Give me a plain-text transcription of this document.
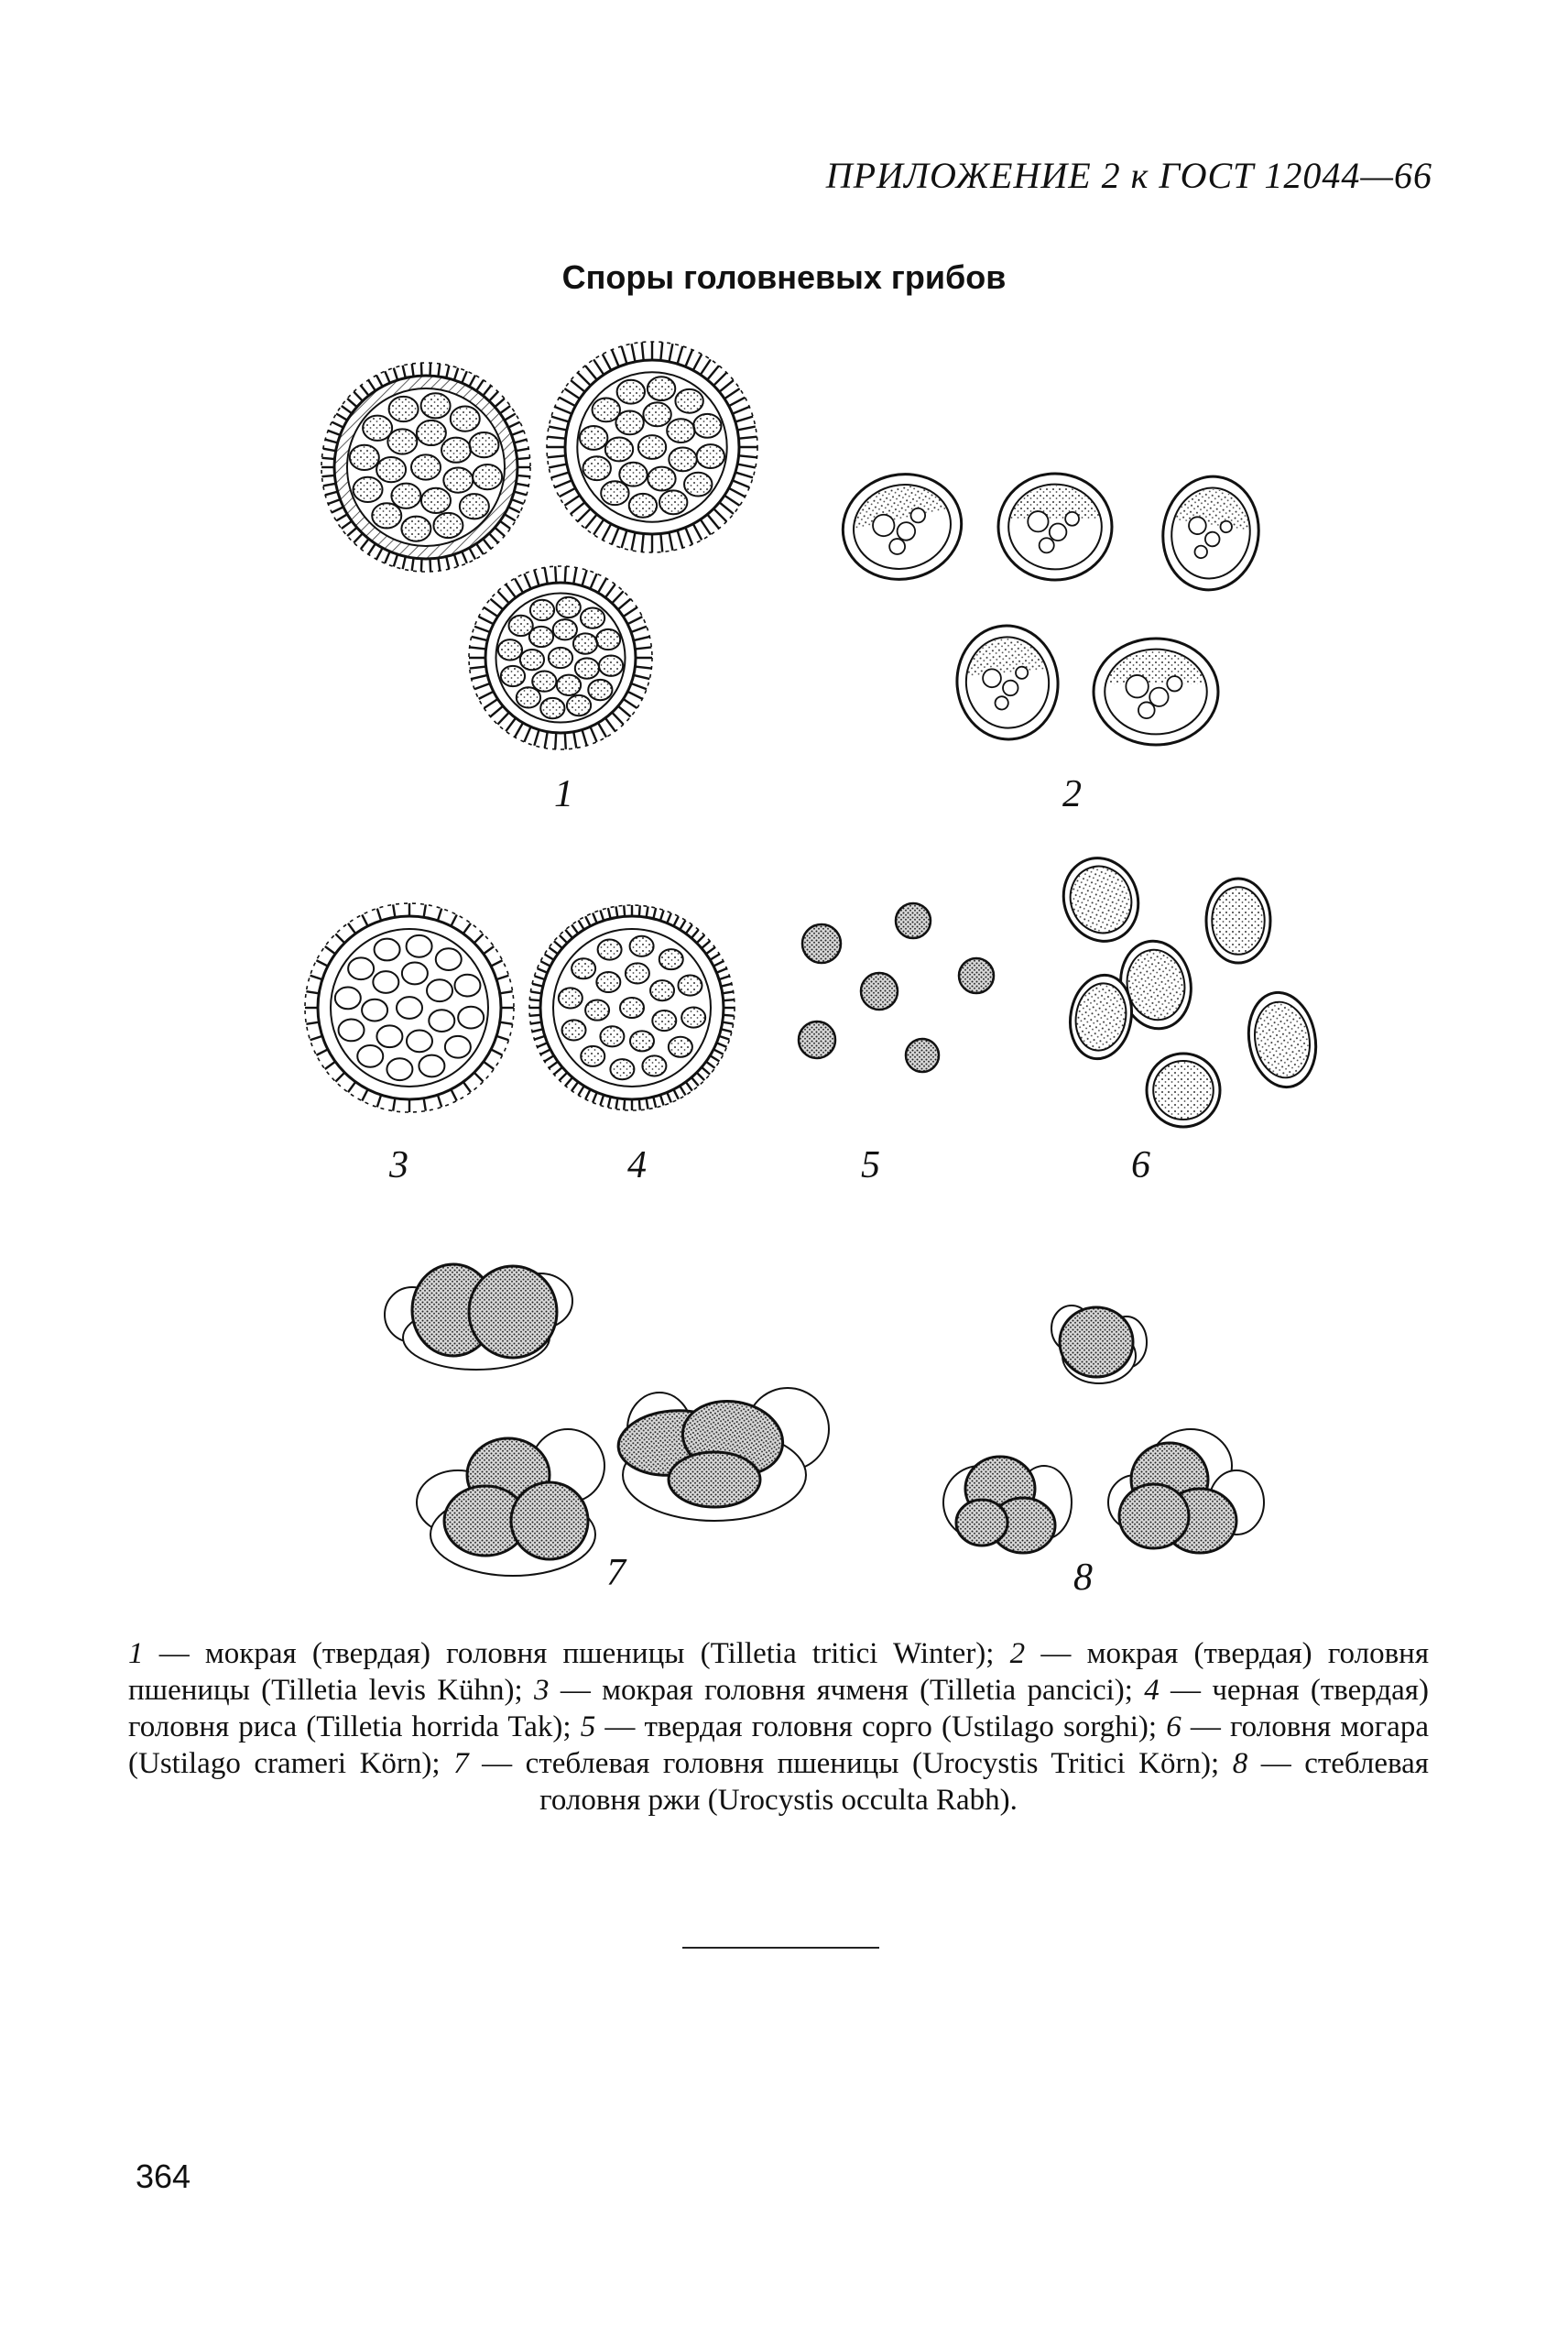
ПРИЛОЖЕНИЕ 2 к ГОСТ 12044—66
Споры головневых грибов
1	2
3	4	5	6
7	8
1 — мокрая (твердая) головня пшеницы (Tilletia tritici Winter); 2 — мокрая (твердая) головня пшеницы (Tilletia levis Kühn); 3 — мокрая головня ячменя (Tilletia pancici); 4 — черная (твердая) головня риса (Tilletia horrida Tak); 5 — твердая головня сорго (Ustilago sorghi); 6 — головня могара (Ustilago crameri Körn); 7 — стеблевая головня пшеницы (Urocystis Tritici Körn); 8 — стеблевая головня ржи (Urocystis occulta Rabh).
364
